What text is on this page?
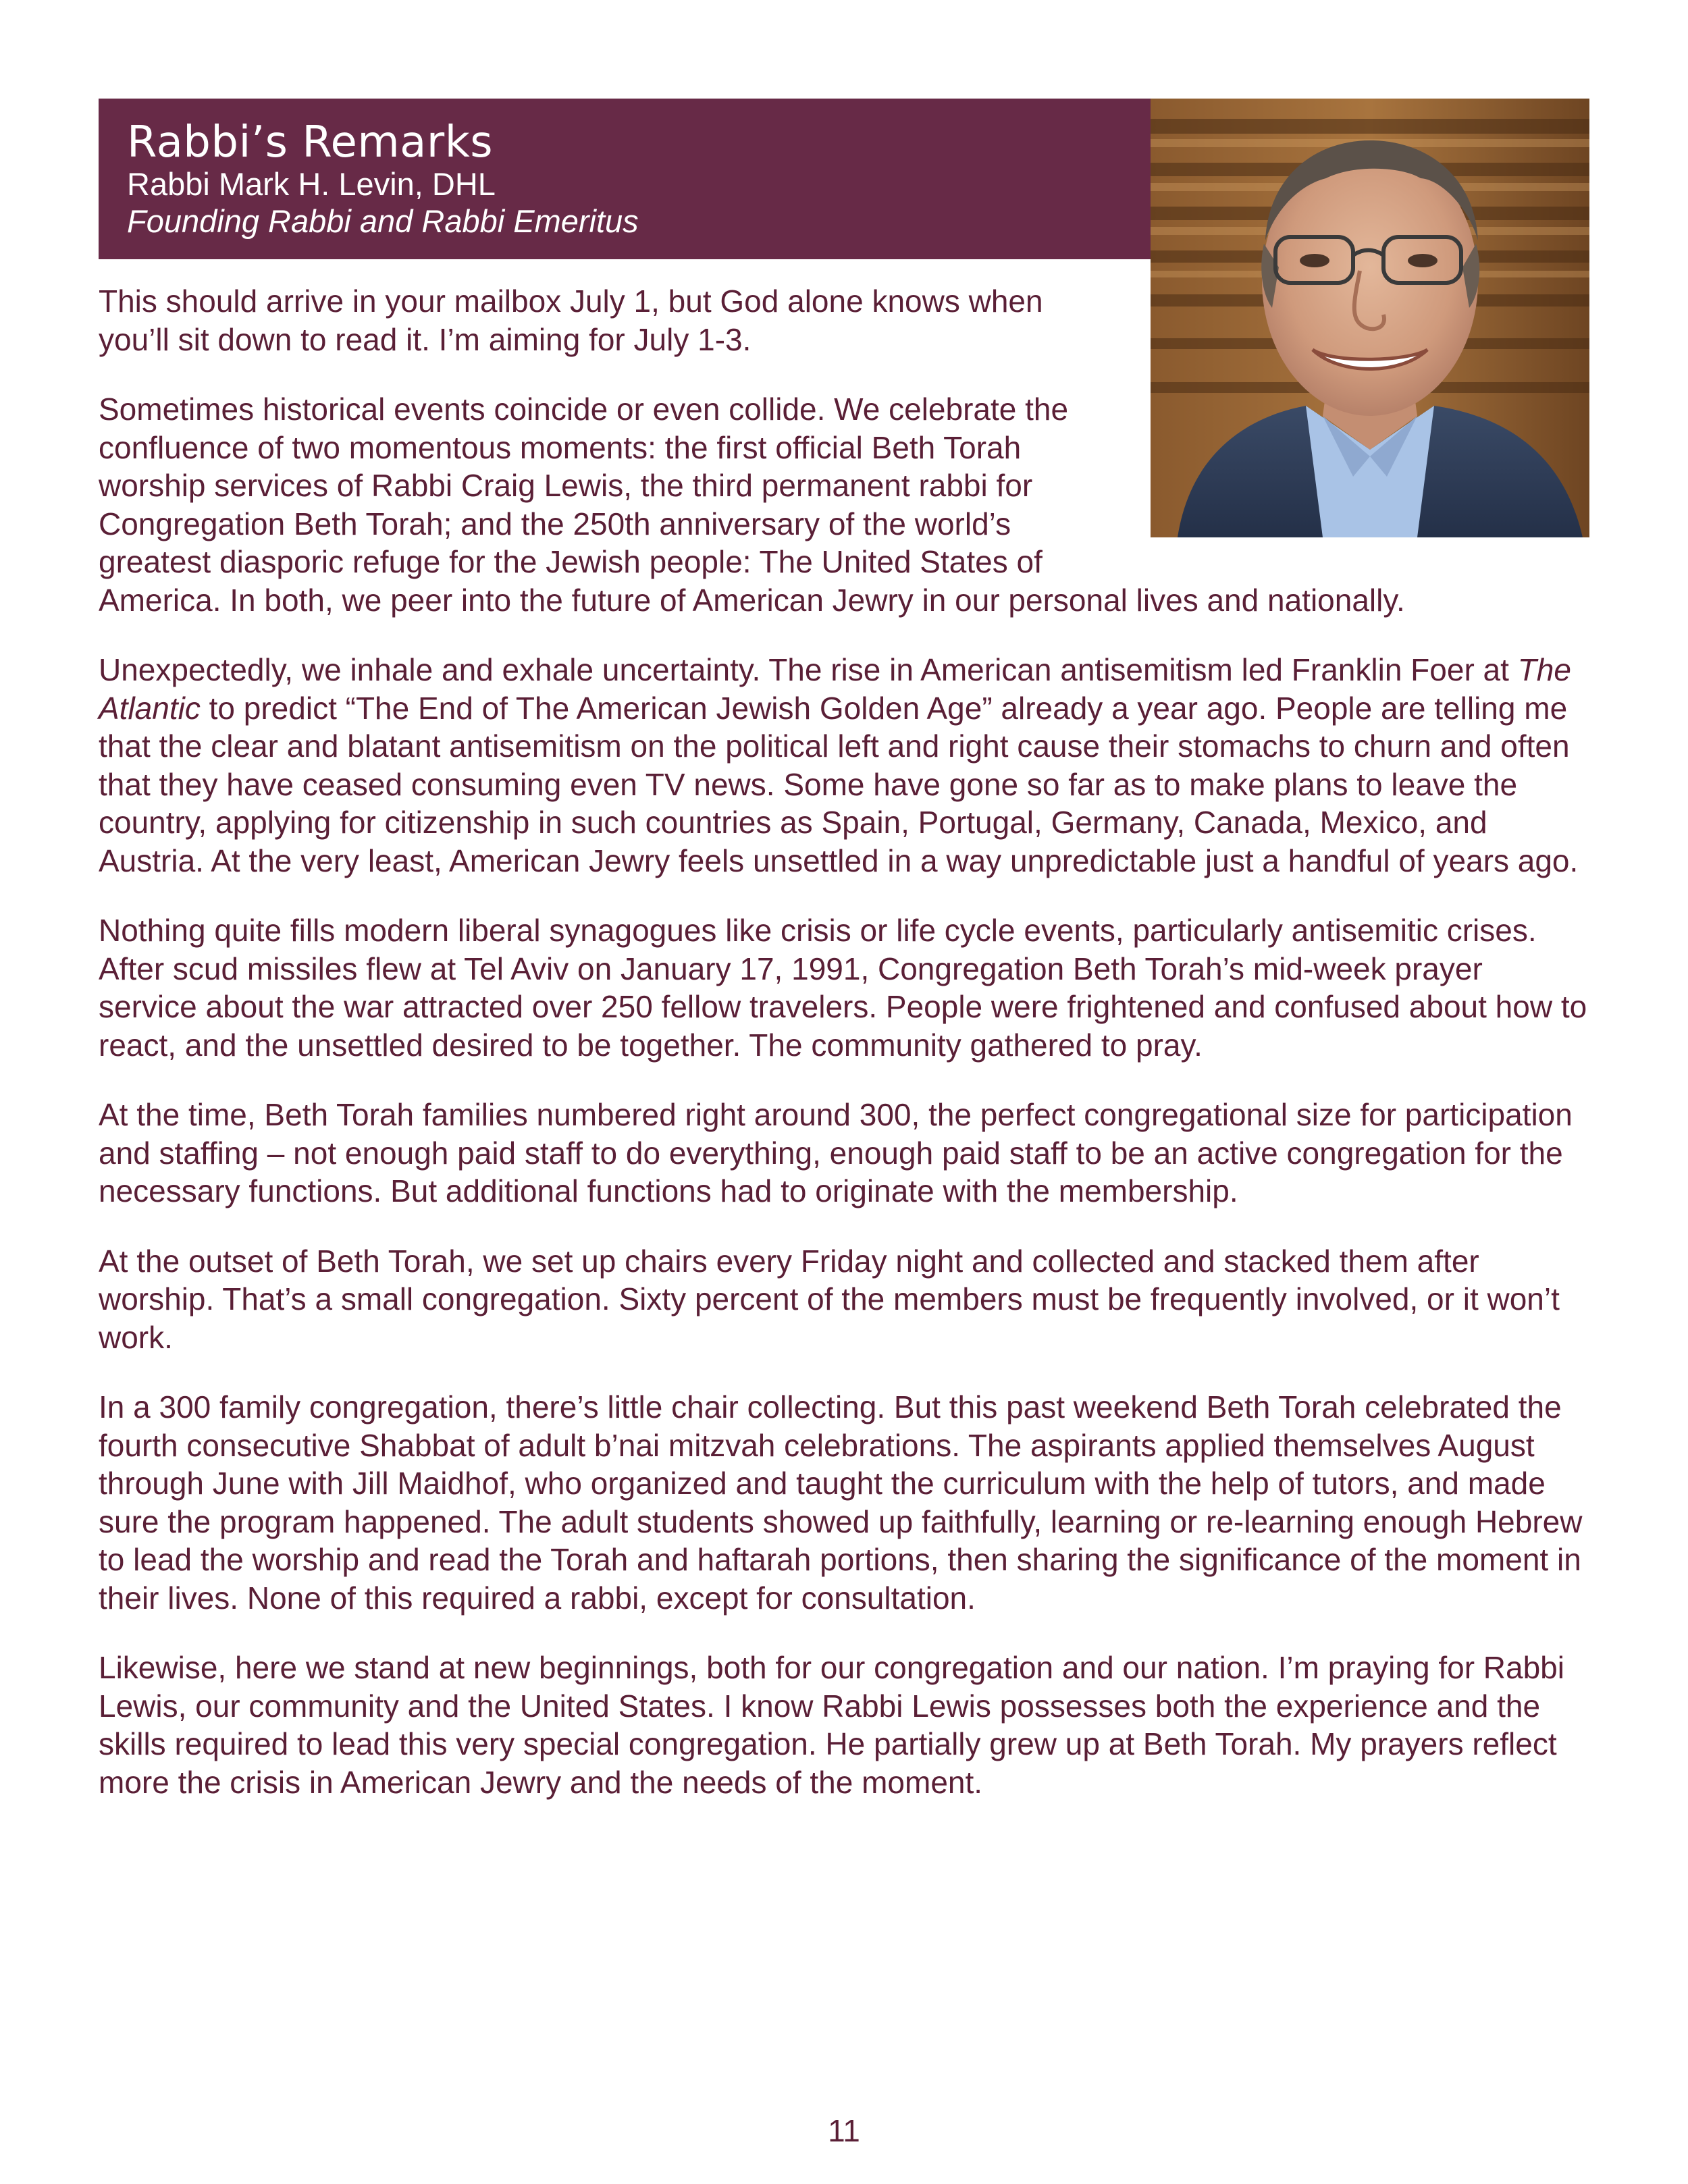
Rabbi’s Remarks
Rabbi Mark H. Levin, DHL
Founding Rabbi and Rabbi Emeritus

This should arrive in your mailbox July 1, but God alone knows when you’ll sit down to read it. I’m aiming for July 1-3.

Sometimes historical events coincide or even collide. We celebrate the confluence of two momentous moments: the first official Beth Torah worship services of Rabbi Craig Lewis, the third permanent rabbi for Congregation Beth Torah; and the 250th anniversary of the world’s greatest diasporic refuge for the Jewish people: The United States of America. In both, we peer into the future of American Jewry in our personal lives and nationally.

Unexpectedly, we inhale and exhale uncertainty. The rise in American antisemitism led Franklin Foer at The Atlantic to predict “The End of The American Jewish Golden Age” already a year ago. People are telling me that the clear and blatant antisemitism on the political left and right cause their stomachs to churn and often that they have ceased consuming even TV news. Some have gone so far as to make plans to leave the country, applying for citizenship in such countries as Spain, Portugal, Germany, Canada, Mexico, and Austria. At the very least, American Jewry feels unsettled in a way unpredictable just a handful of years ago.

Nothing quite fills modern liberal synagogues like crisis or life cycle events, particularly antisemitic crises. After scud missiles flew at Tel Aviv on January 17, 1991, Congregation Beth Torah’s mid-week prayer service about the war attracted over 250 fellow travelers. People were frightened and confused about how to react, and the unsettled desired to be together. The community gathered to pray.

At the time, Beth Torah families numbered right around 300, the perfect congregational size for participation and staffing – not enough paid staff to do everything, enough paid staff to be an active congregation for the necessary functions. But additional functions had to originate with the membership.

At the outset of Beth Torah, we set up chairs every Friday night and collected and stacked them after worship. That’s a small congregation. Sixty percent of the members must be frequently involved, or it won’t work.

In a 300 family congregation, there’s little chair collecting. But this past weekend Beth Torah celebrated the fourth consecutive Shabbat of adult b’nai mitzvah celebrations. The aspirants applied themselves August through June with Jill Maidhof, who organized and taught the curriculum with the help of tutors, and made sure the program happened. The adult students showed up faithfully, learning or re-learning enough Hebrew to lead the worship and read the Torah and haftarah portions, then sharing the significance of the moment in their lives. None of this required a rabbi, except for consultation.

Likewise, here we stand at new beginnings, both for our congregation and our nation. I’m praying for Rabbi Lewis, our community and the United States. I know Rabbi Lewis possesses both the experience and the skills required to lead this very special congregation. He partially grew up at Beth Torah. My prayers reflect more the crisis in American Jewry and the needs of the moment.

11
